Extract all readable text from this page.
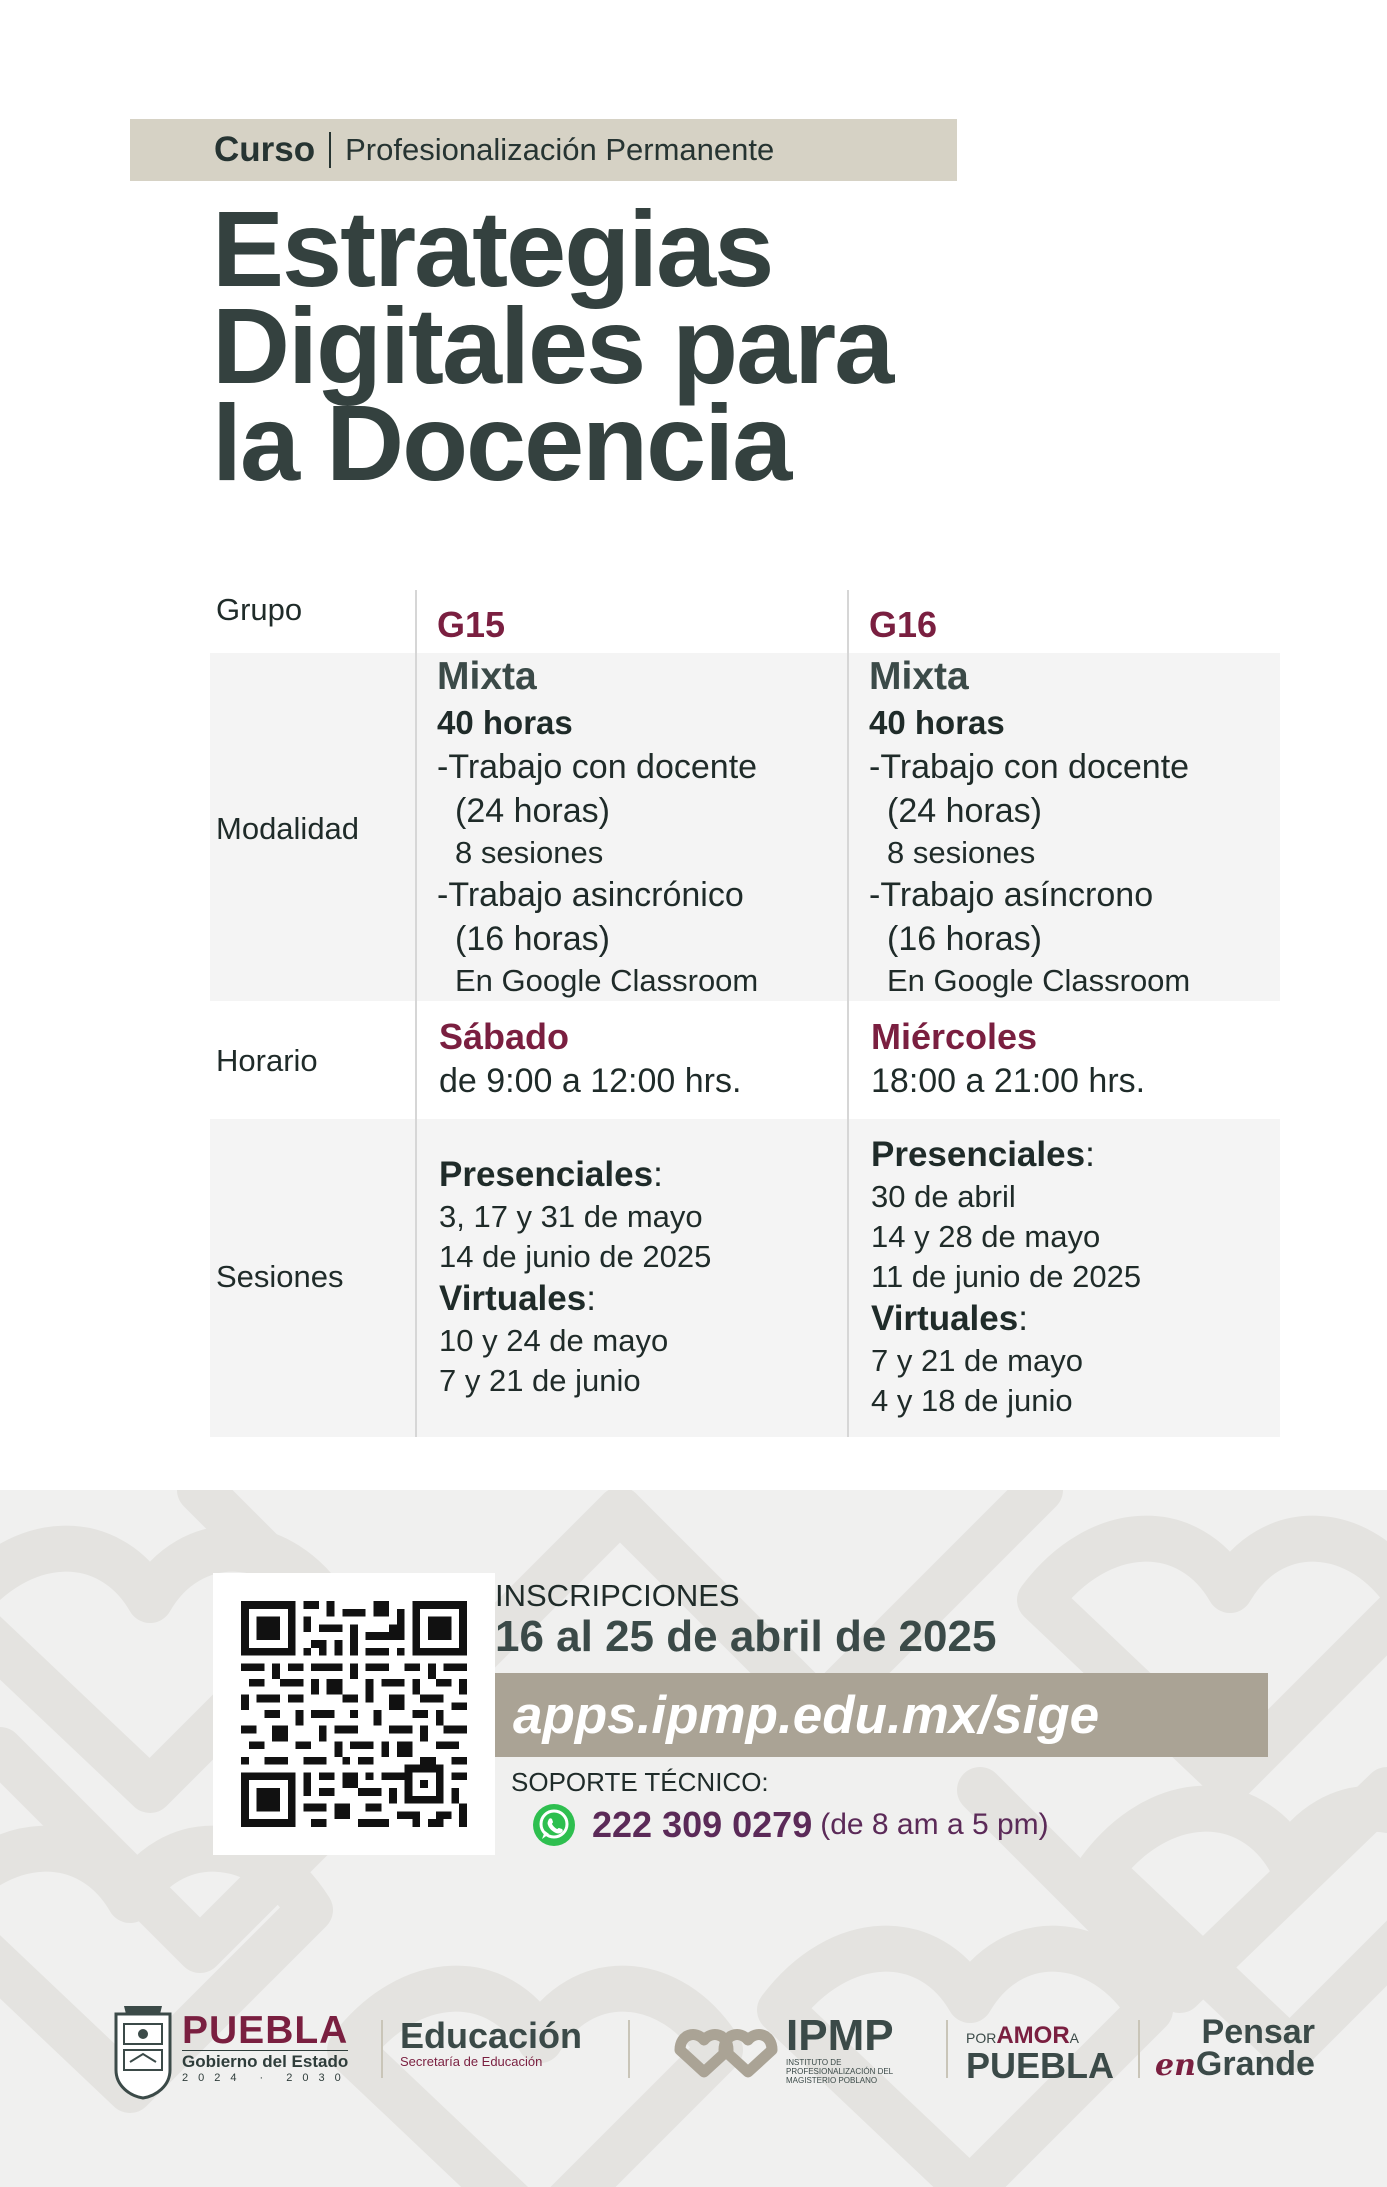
Curso Profesionalización Permanente
Estrategias
Digitales para
la Docencia
Grupo	G15	G16
Modalidad
Mixta
40 horas
-Trabajo con docente
(24 horas)
8 sesiones
-Trabajo asincrónico
(16 horas)
En Google Classroom
Mixta
40 horas
-Trabajo con docente
(24 horas)
8 sesiones
-Trabajo asíncrono
(16 horas)
En Google Classroom
Horario
Sábado
de 9:00 a 12:00 hrs.
Miércoles
18:00 a 21:00 hrs.
Sesiones
Presenciales:
3, 17 y 31 de mayo
14 de junio de 2025
Virtuales:
10 y 24 de mayo
7 y 21 de junio
Presenciales:
30 de abril
14 y 28 de mayo
11 de junio de 2025
Virtuales:
7 y 21 de mayo
4 y 18 de junio
INSCRIPCIONES
16 al 25 de abril de 2025
apps.ipmp.edu.mx/sige
SOPORTE TÉCNICO:
222 309 0279 (de 8 am a 5 pm)
PUEBLA
Gobierno del Estado
2024 · 2030
Educación
Secretaría de Educación
IPMP
INSTITUTO DE PROFESIONALIZACIÓN DEL MAGISTERIO POBLANO
PORAMORA
PUEBLA
Pensar
enGrande
